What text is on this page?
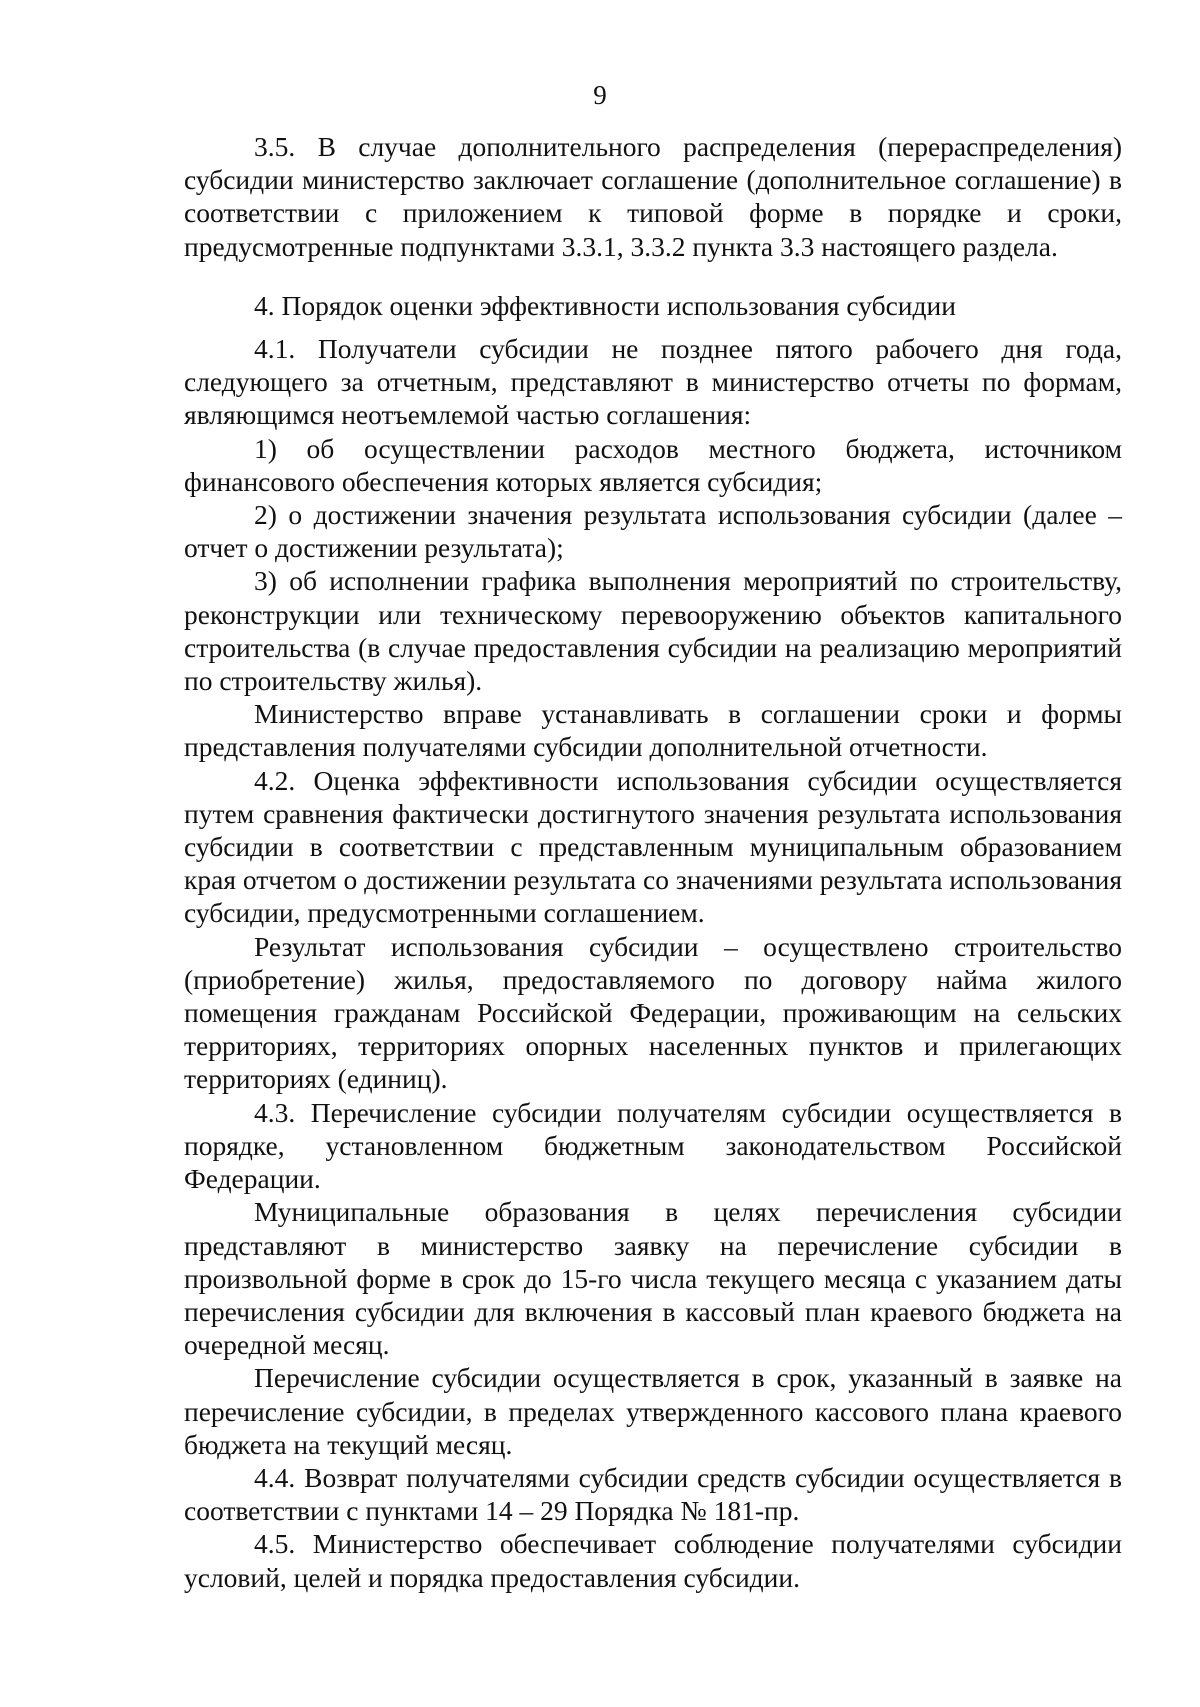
9

3.5. В случае дополнительного распределения (перераспределения) субсидии министерство заключает соглашение (дополнительное соглашение) в соответствии с приложением к типовой форме в порядке и сроки, предусмотренные подпунктами 3.3.1, 3.3.2 пункта 3.3 настоящего раздела.

4. Порядок оценки эффективности использования субсидии

4.1. Получатели субсидии не позднее пятого рабочего дня года, следующего за отчетным, представляют в министерство отчеты по формам, являющимся неотъемлемой частью соглашения:

1) об осуществлении расходов местного бюджета, источником финансового обеспечения которых является субсидия;

2) о достижении значения результата использования субсидии (далее – отчет о достижении результата);

3) об исполнении графика выполнения мероприятий по строительству, реконструкции или техническому перевооружению объектов капитального строительства (в случае предоставления субсидии на реализацию мероприятий по строительству жилья).

Министерство вправе устанавливать в соглашении сроки и формы представления получателями субсидии дополнительной отчетности.

4.2. Оценка эффективности использования субсидии осуществляется путем сравнения фактически достигнутого значения результата использования субсидии в соответствии с представленным муниципальным образованием края отчетом о достижении результата со значениями результата использования субсидии, предусмотренными соглашением.

Результат использования субсидии – осуществлено строительство (приобретение) жилья, предоставляемого по договору найма жилого помещения гражданам Российской Федерации, проживающим на сельских территориях, территориях опорных населенных пунктов и прилегающих территориях (единиц).

4.3. Перечисление субсидии получателям субсидии осуществляется в порядке, установленном бюджетным законодательством Российской Федерации.

Муниципальные образования в целях перечисления субсидии представляют в министерство заявку на перечисление субсидии в произвольной форме в срок до 15-го числа текущего месяца с указанием даты перечисления субсидии для включения в кассовый план краевого бюджета на очередной месяц.

Перечисление субсидии осуществляется в срок, указанный в заявке на перечисление субсидии, в пределах утвержденного кассового плана краевого бюджета на текущий месяц.

4.4. Возврат получателями субсидии средств субсидии осуществляется в соответствии с пунктами 14 – 29 Порядка № 181-пр.

4.5. Министерство обеспечивает соблюдение получателями субсидии условий, целей и порядка предоставления субсидии.
